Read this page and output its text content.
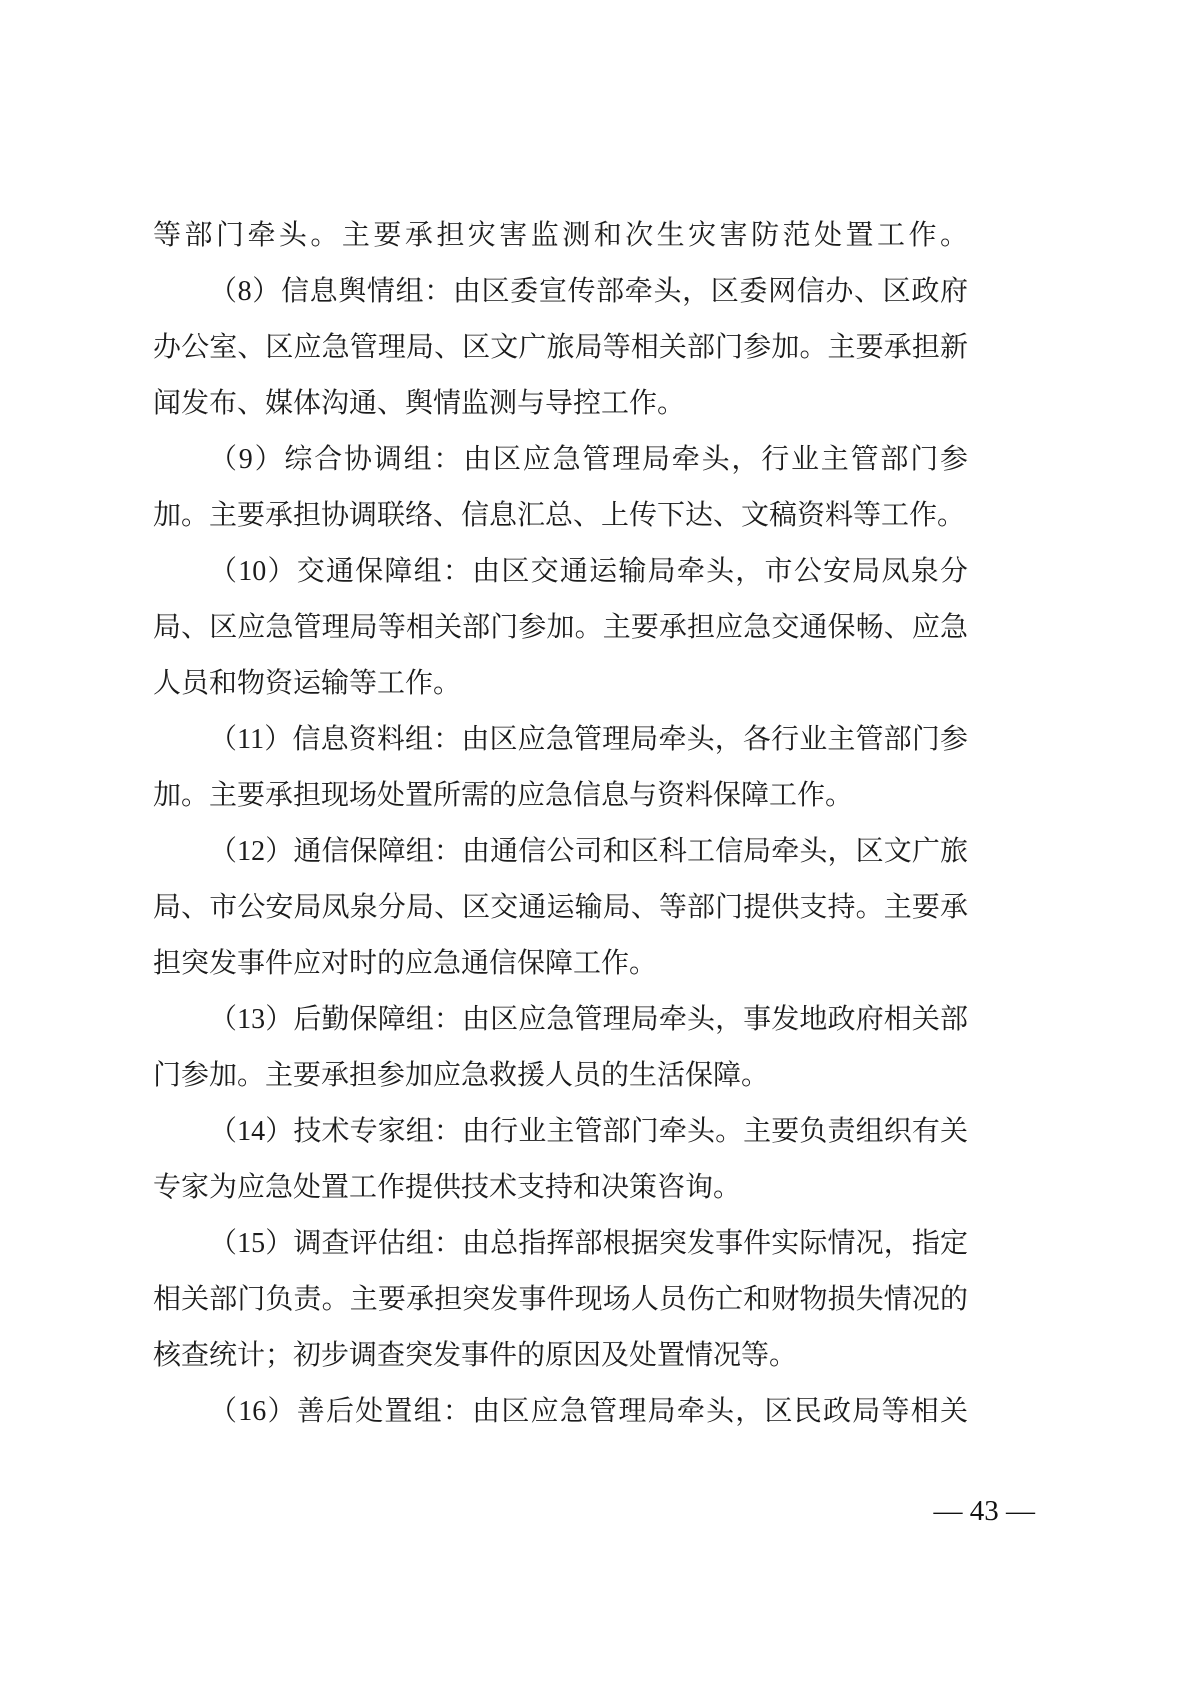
等部门牵头。主要承担灾害监测和次生灾害防范处置工作。

（8）信息舆情组：由区委宣传部牵头，区委网信办、区政府办公室、区应急管理局、区文广旅局等相关部门参加。主要承担新闻发布、媒体沟通、舆情监测与导控工作。

（9）综合协调组：由区应急管理局牵头，行业主管部门参加。主要承担协调联络、信息汇总、上传下达、文稿资料等工作。

（10）交通保障组：由区交通运输局牵头，市公安局凤泉分局、区应急管理局等相关部门参加。主要承担应急交通保畅、应急人员和物资运输等工作。

（11）信息资料组：由区应急管理局牵头，各行业主管部门参加。主要承担现场处置所需的应急信息与资料保障工作。

（12）通信保障组：由通信公司和区科工信局牵头，区文广旅局、市公安局凤泉分局、区交通运输局、等部门提供支持。主要承担突发事件应对时的应急通信保障工作。

（13）后勤保障组：由区应急管理局牵头，事发地政府相关部门参加。主要承担参加应急救援人员的生活保障。

（14）技术专家组：由行业主管部门牵头。主要负责组织有关专家为应急处置工作提供技术支持和决策咨询。

（15）调查评估组：由总指挥部根据突发事件实际情况，指定相关部门负责。主要承担突发事件现场人员伤亡和财物损失情况的核查统计；初步调查突发事件的原因及处置情况等。

（16）善后处置组：由区应急管理局牵头，区民政局等相关

— 43 —
